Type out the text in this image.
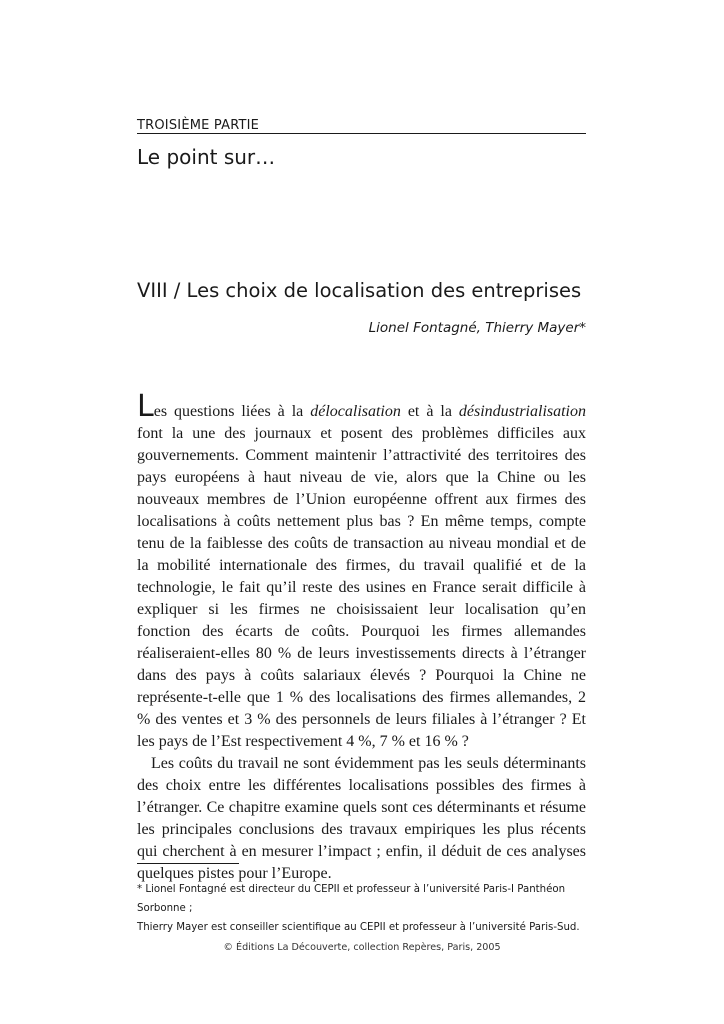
TROISIÈME PARTIE
Le point sur…
VIII / Les choix de localisation des entreprises
Lionel Fontagné, Thierry Mayer*

Les questions liées à la délocalisation et à la désindustrialisation font la une des journaux et posent des problèmes difficiles aux gouvernements. Comment maintenir l’attractivité des territoires des pays européens à haut niveau de vie, alors que la Chine ou les nouveaux membres de l’Union européenne offrent aux firmes des localisations à coûts nettement plus bas ? En même temps, compte tenu de la faiblesse des coûts de transaction au niveau mondial et de la mobilité internationale des firmes, du travail qualifié et de la technologie, le fait qu’il reste des usines en France serait difficile à expliquer si les firmes ne choisissaient leur localisation qu’en fonction des écarts de coûts. Pourquoi les firmes allemandes réaliseraient-elles 80 % de leurs investissements directs à l’étranger dans des pays à coûts salariaux élevés ? Pourquoi la Chine ne représente-t-elle que 1 % des localisations des firmes allemandes, 2 % des ventes et 3 % des personnels de leurs filiales à l’étranger ? Et les pays de l’Est respectivement 4 %, 7 % et 16 % ?

Les coûts du travail ne sont évidemment pas les seuls déterminants des choix entre les différentes localisations possibles des firmes à l’étranger. Ce chapitre examine quels sont ces déterminants et résume les principales conclusions des travaux empiriques les plus récents qui cherchent à en mesurer l’impact ; enfin, il déduit de ces analyses quelques pistes pour l’Europe.

* Lionel Fontagné est directeur du CEPII et professeur à l’université Paris-I Panthéon Sorbonne ;

Thierry Mayer est conseiller scientifique au CEPII et professeur à l’université Paris-Sud.

© Éditions La Découverte, collection Repères, Paris, 2005
